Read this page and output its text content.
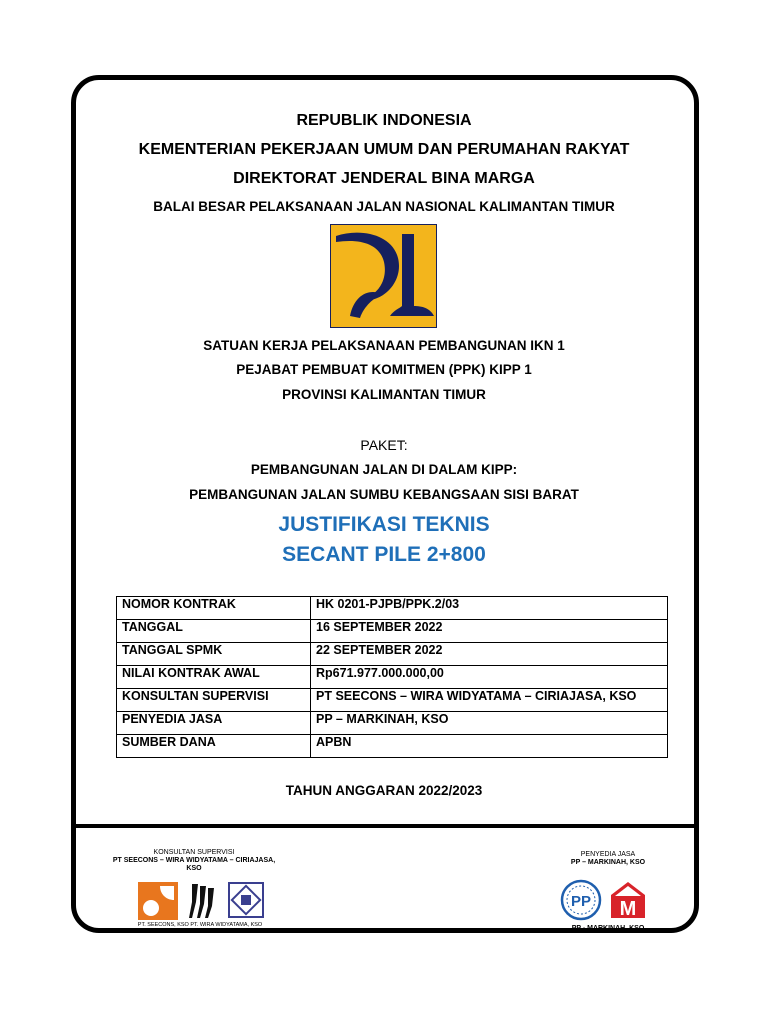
REPUBLIK INDONESIA
KEMENTERIAN PEKERJAAN UMUM DAN PERUMAHAN RAKYAT
DIREKTORAT JENDERAL BINA MARGA
BALAI BESAR PELAKSANAAN JALAN NASIONAL KALIMANTAN TIMUR
SATUAN KERJA PELAKSANAAN PEMBANGUNAN IKN 1
PEJABAT PEMBUAT KOMITMEN (PPK) KIPP 1
PROVINSI KALIMANTAN TIMUR
PAKET:
PEMBANGUNAN JALAN DI DALAM KIPP:
PEMBANGUNAN JALAN SUMBU KEBANGSAAN SISI BARAT
JUSTIFIKASI TEKNIS
SECANT PILE 2+800
NOMOR KONTRAK	HK 0201-PJPB/PPK.2/03
TANGGAL	16 SEPTEMBER 2022
TANGGAL SPMK	22 SEPTEMBER 2022
NILAI KONTRAK AWAL	Rp671.977.000.000,00
KONSULTAN SUPERVISI	PT SEECONS – WIRA WIDYATAMA – CIRIAJASA, KSO
PENYEDIA JASA	PP – MARKINAH, KSO
SUMBER DANA	APBN
TAHUN ANGGARAN 2022/2023
KONSULTAN SUPERVISI
PT SEECONS – WIRA WIDYATAMA – CIRIAJASA,
KSO
PT. SEECONS, KSO PT. WIRA WIDYATAMA, KSO
PENYEDIA JASA
PP – MARKINAH, KSO
PP M
PP - MARKINAH, KSO
